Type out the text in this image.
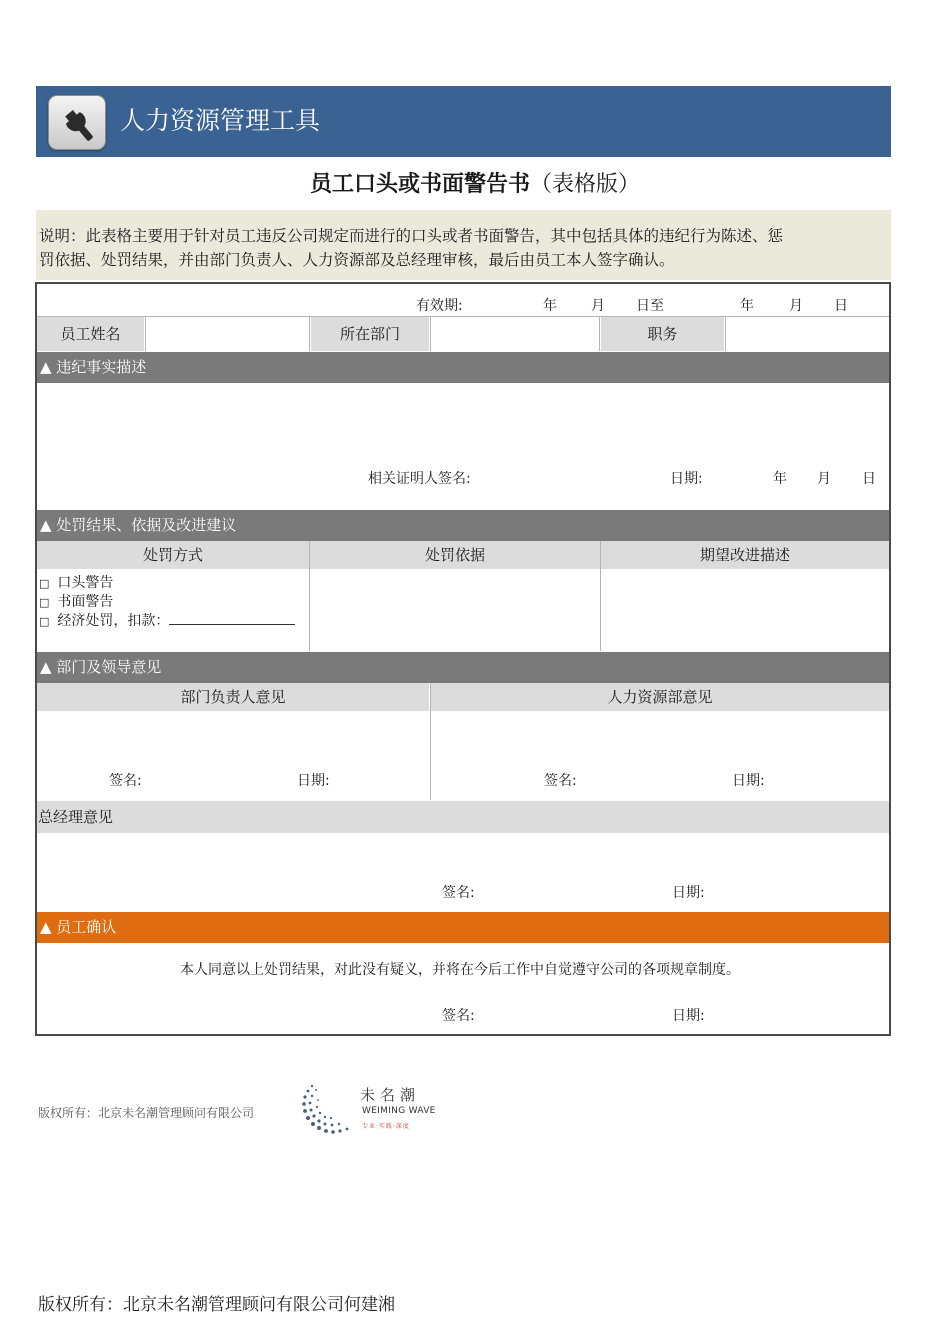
人力资源管理工具
员工口头或书面警告书（表格版）
说明：此表格主要用于针对员工违反公司规定而进行的口头或者书面警告，其中包括具体的违纪行为陈述、惩
罚依据、处罚结果，并由部门负责人、人力资源部及总经理审核，最后由员工本人签字确认。
有效期:	年 月 日至	年	月 日
员工姓名	所在部门	职务
▲ 违纪事实描述
相关证明人签名:	日期:	年 月 日
▲ 处罚结果、依据及改进建议
处罚方式	处罚依据	期望改进描述
□ 口头警告
□ 书面警告
□ 经济处罚，扣款：
▲ 部门及领导意见
部门负责人意见	人力资源部意见
签名:	日期:	签名:	日期:
总经理意见
签名:	日期:
▲ 员工确认
本人同意以上处罚结果，对此没有疑义，并将在今后工作中自觉遵守公司的各项规章制度。
签名:	日期:
版权所有：北京未名潮管理顾问有限公司
未名潮
WEIMING WAVE
专业·实践·深度
版权所有：北京未名潮管理顾问有限公司何建湘
